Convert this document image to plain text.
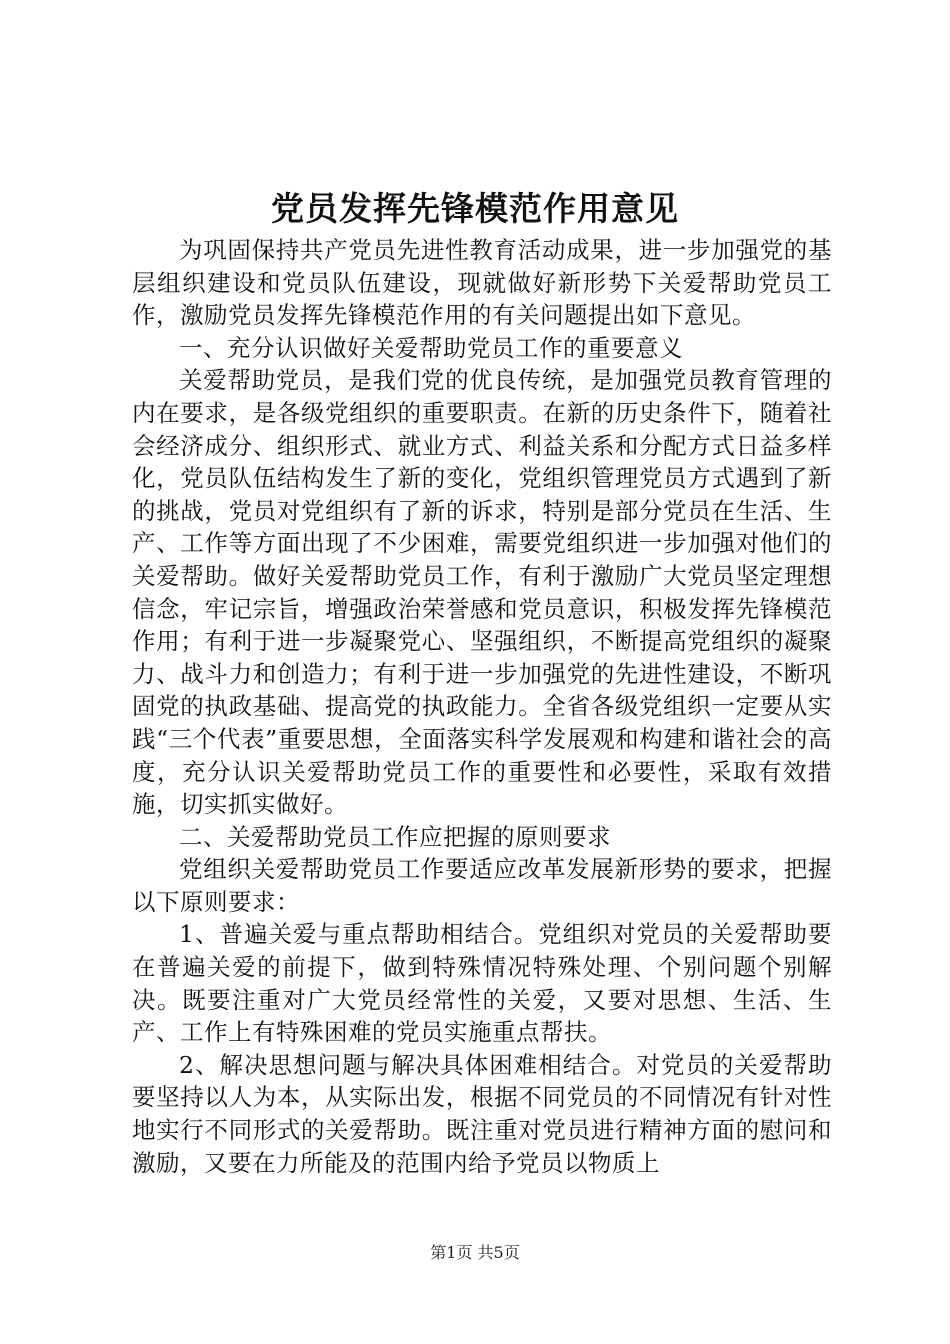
党员发挥先锋模范作用意见

为巩固保持共产党员先进性教育活动成果，进一步加强党的基层组织建设和党员队伍建设，现就做好新形势下关爱帮助党员工作，激励党员发挥先锋模范作用的有关问题提出如下意见。

一、充分认识做好关爱帮助党员工作的重要意义

关爱帮助党员，是我们党的优良传统，是加强党员教育管理的内在要求，是各级党组织的重要职责。在新的历史条件下，随着社会经济成分、组织形式、就业方式、利益关系和分配方式日益多样化，党员队伍结构发生了新的变化，党组织管理党员方式遇到了新的挑战，党员对党组织有了新的诉求，特别是部分党员在生活、生产、工作等方面出现了不少困难，需要党组织进一步加强对他们的关爱帮助。做好关爱帮助党员工作，有利于激励广大党员坚定理想信念，牢记宗旨，增强政治荣誉感和党员意识，积极发挥先锋模范作用；有利于进一步凝聚党心、坚强组织，不断提高党组织的凝聚力、战斗力和创造力；有利于进一步加强党的先进性建设，不断巩固党的执政基础、提高党的执政能力。全省各级党组织一定要从实践“三个代表”重要思想，全面落实科学发展观和构建和谐社会的高度，充分认识关爱帮助党员工作的重要性和必要性，采取有效措施，切实抓实做好。

二、关爱帮助党员工作应把握的原则要求

党组织关爱帮助党员工作要适应改革发展新形势的要求，把握以下原则要求：

1、普遍关爱与重点帮助相结合。党组织对党员的关爱帮助要在普遍关爱的前提下，做到特殊情况特殊处理、个别问题个别解决。既要注重对广大党员经常性的关爱，又要对思想、生活、生产、工作上有特殊困难的党员实施重点帮扶。

2、解决思想问题与解决具体困难相结合。对党员的关爱帮助要坚持以人为本，从实际出发，根据不同党员的不同情况有针对性地实行不同形式的关爱帮助。既注重对党员进行精神方面的慰问和激励，又要在力所能及的范围内给予党员以物质上

第1页 共5页
